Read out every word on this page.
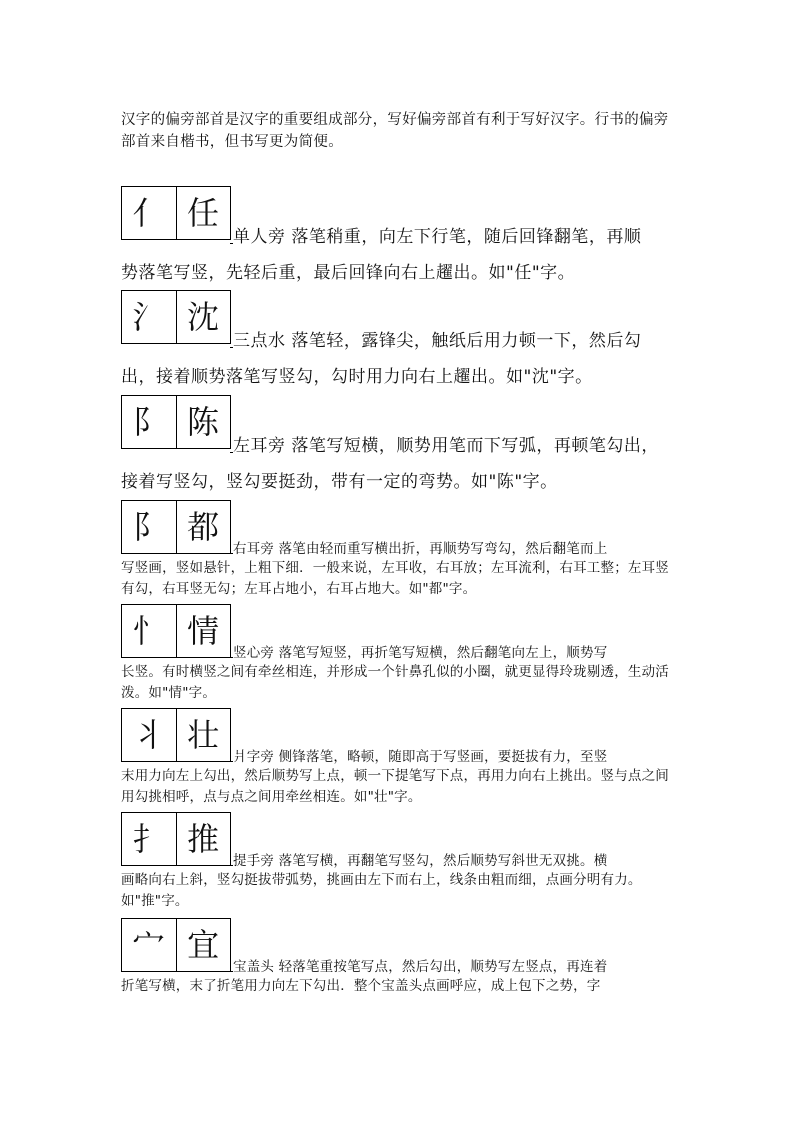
汉字的偏旁部首是汉字的重要组成部分，写好偏旁部首有利于写好汉字。行书的偏旁部首来自楷书，但书写更为简便。

亻 任
单人旁 落笔稍重，向左下行笔，随后回锋翻笔，再顺
势落笔写竖，先轻后重，最后回锋向右上趯出。如"任"字。
氵 沈
三点水 落笔轻，露锋尖，触纸后用力顿一下，然后勾
出，接着顺势落笔写竖勾，勾时用力向右上趯出。如"沈"字。
阝 陈
左耳旁 落笔写短横，顺势用笔而下写弧，再顿笔勾出，
接着写竖勾，竖勾要挺劲，带有一定的弯势。如"陈"字。
阝 都
右耳旁 落笔由轻而重写横出折，再顺势写弯勾，然后翻笔而上
写竖画，竖如悬针，上粗下细．一般来说，左耳收，右耳放；左耳流利，右耳工整；左耳竖有勾，右耳竖无勾；左耳占地小，右耳占地大。如"都"字。
忄 情
竖心旁 落笔写短竖，再折笔写短横，然后翻笔向左上，顺势写
长竖。有时横竖之间有牵丝相连，并形成一个针鼻孔似的小圈，就更显得玲珑剔透，生动活泼。如"情"字。
丬 壮
爿字旁 侧锋落笔，略顿，随即高于写竖画，要挺拔有力，至竖
末用力向左上勾出，然后顺势写上点，顿一下提笔写下点，再用力向右上挑出。竖与点之间用勾挑相呼，点与点之间用牵丝相连。如"壮"字。
扌 推
提手旁 落笔写横，再翻笔写竖勾，然后顺势写斜世无双挑。横
画略向右上斜，竖勾挺拔带弧势，挑画由左下而右上，线条由粗而细，点画分明有力。如"推"字。
宀 宜
宝盖头 轻落笔重按笔写点，然后勾出，顺势写左竖点，再连着
折笔写横，末了折笔用力向左下勾出．整个宝盖头点画呼应，成上包下之势，字
